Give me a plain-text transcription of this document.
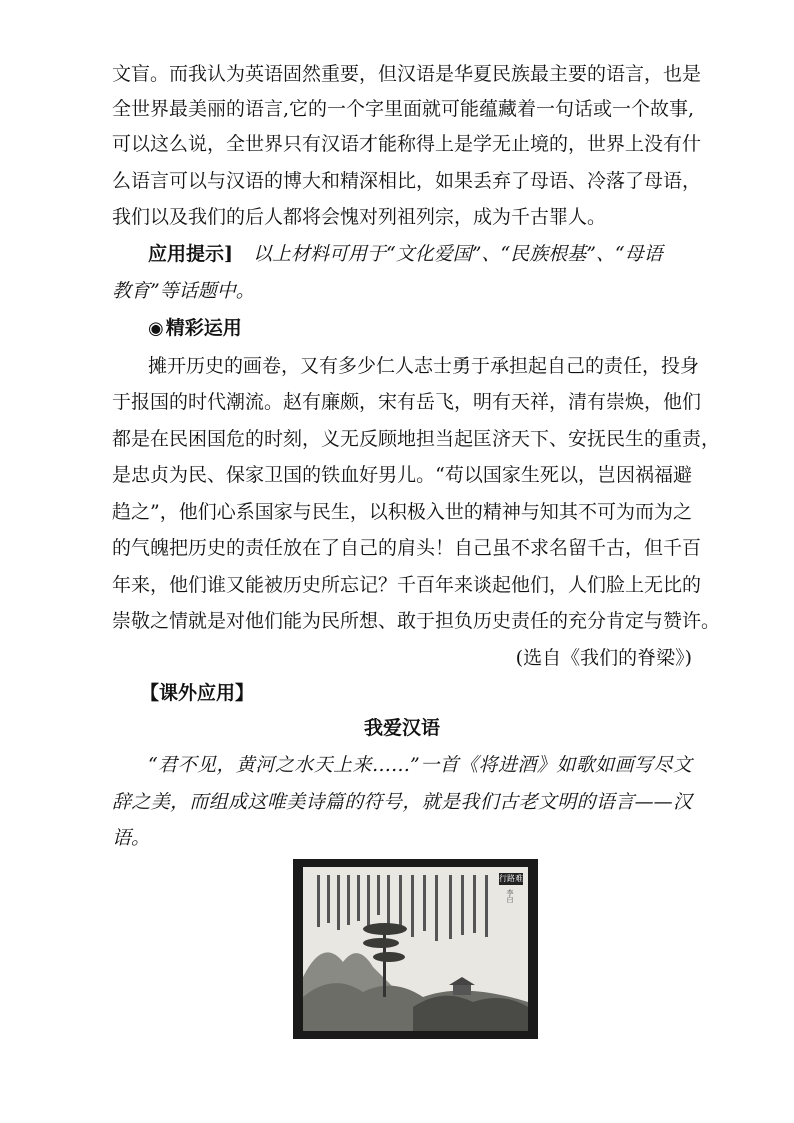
文盲。而我认为英语固然重要，但汉语是华夏民族最主要的语言，也是
全世界最美丽的语言,它的一个字里面就可能蕴藏着一句话或一个故事,
可以这么说，全世界只有汉语才能称得上是学无止境的，世界上没有什
么语言可以与汉语的博大和精深相比，如果丢弃了母语、冷落了母语，
我们以及我们的后人都将会愧对列祖列宗，成为千古罪人。
应用提示] 以上材料可用于“文化爱国”、“民族根基”、“母语
教育”等话题中。
◉ 精彩运用
摊开历史的画卷，又有多少仁人志士勇于承担起自己的责任，投身
于报国的时代潮流。赵有廉颇，宋有岳飞，明有天祥，清有崇焕，他们
都是在民困国危的时刻，义无反顾地担当起匡济天下、安抚民生的重责，
是忠贞为民、保家卫国的铁血好男儿。“苟以国家生死以，岂因祸福避
趋之”，他们心系国家与民生，以积极入世的精神与知其不可为而为之
的气魄把历史的责任放在了自己的肩头！自己虽不求名留千古，但千百
年来，他们谁又能被历史所忘记？千百年来谈起他们，人们脸上无比的
崇敬之情就是对他们能为民所想、敢于担负历史责任的充分肯定与赞许。
(选自《我们的脊梁》)
【课外应用】
我爱汉语
“君不见，黄河之水天上来……”一首《将进酒》如歌如画写尽文
辞之美，而组成这唯美诗篇的符号，就是我们古老文明的语言——汉
语。
行路难
李白
